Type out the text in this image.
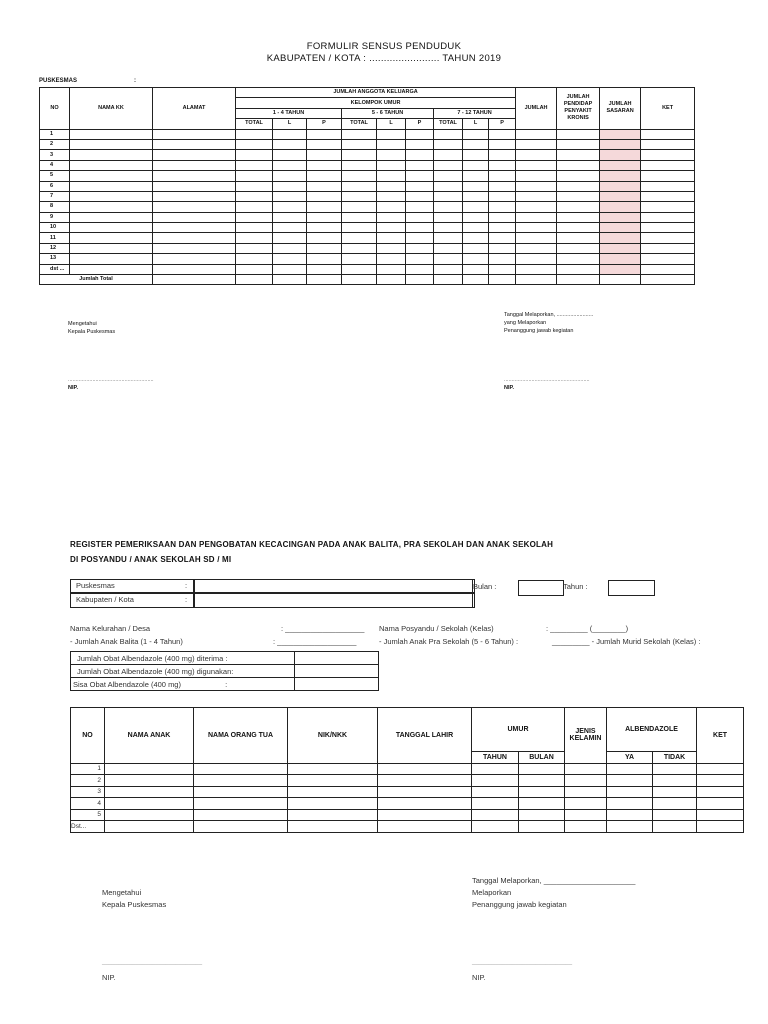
FORMULIR SENSUS PENDUDUK
KABUPATEN / KOTA : ........................ TAHUN 2019
PUSKESMAS	:
NO	NAMA KK	ALAMAT	JUMLAH ANGGOTA KELUARGA									JUMLAH	JUMLAH PENDIDAP PENYAKIT KRONIS	JUMLAH SASARAN	KET
			KELOMPOK UMUR												
			1 - 4 TAHUN			5 - 6 TAHUN			7 - 12 TAHUN						
			TOTAL	L	P	TOTAL	L	P	TOTAL	L	P				
1															
2															
3															
4															
5															
6															
7															
8															
9															
10															
11															
12															
13															
dst ...															
Jumlah Total															
Mengetahui
Kepala Puskesmas
........................................................
NIP.
Tanggal Melaporkan, ........................
yang Melaporkan
Penanggung jawab kegiatan
........................................................
NIP.
REGISTER PEMERIKSAAN DAN PENGOBATAN KECACINGAN PADA ANAK BALITA, PRA SEKOLAH DAN ANAK SEKOLAH
DI POSYANDU / ANAK SEKOLAH SD / MI
Puskesmas	:
Kabupaten / Kota	:
Bulan :	Tahun :
Nama Kelurahan / Desa	: ___________________ Nama Posyandu / Sekolah (Kelas)	: _________ (________)
- Jumlah Anak Balita (1 - 4 Tahun)	: ___________________	- Jumlah Anak Pra Sekolah (5 - 6 Tahun) :	_________ - Jumlah Murid Sekolah (Kelas) :
Jumlah Obat Albendazole (400 mg) diterima :	
Jumlah Obat Albendazole (400 mg) digunakan:	
Sisa Obat Albendazole (400 mg) :	
NO	NAMA ANAK	NAMA ORANG TUA	NIK/NKK	TANGGAL LAHIR	UMUR		JENIS KELAMIN	ALBENDAZOLE		KET
					TAHUN	BULAN		YA	TIDAK	
1										
2										
3										
4										
5										
Dst...										
Mengetahui
Kepala Puskesmas
______________________________
NIP.
Tanggal Melaporkan, ______________________
Melaporkan
Penanggung jawab kegiatan
______________________________
NIP.
